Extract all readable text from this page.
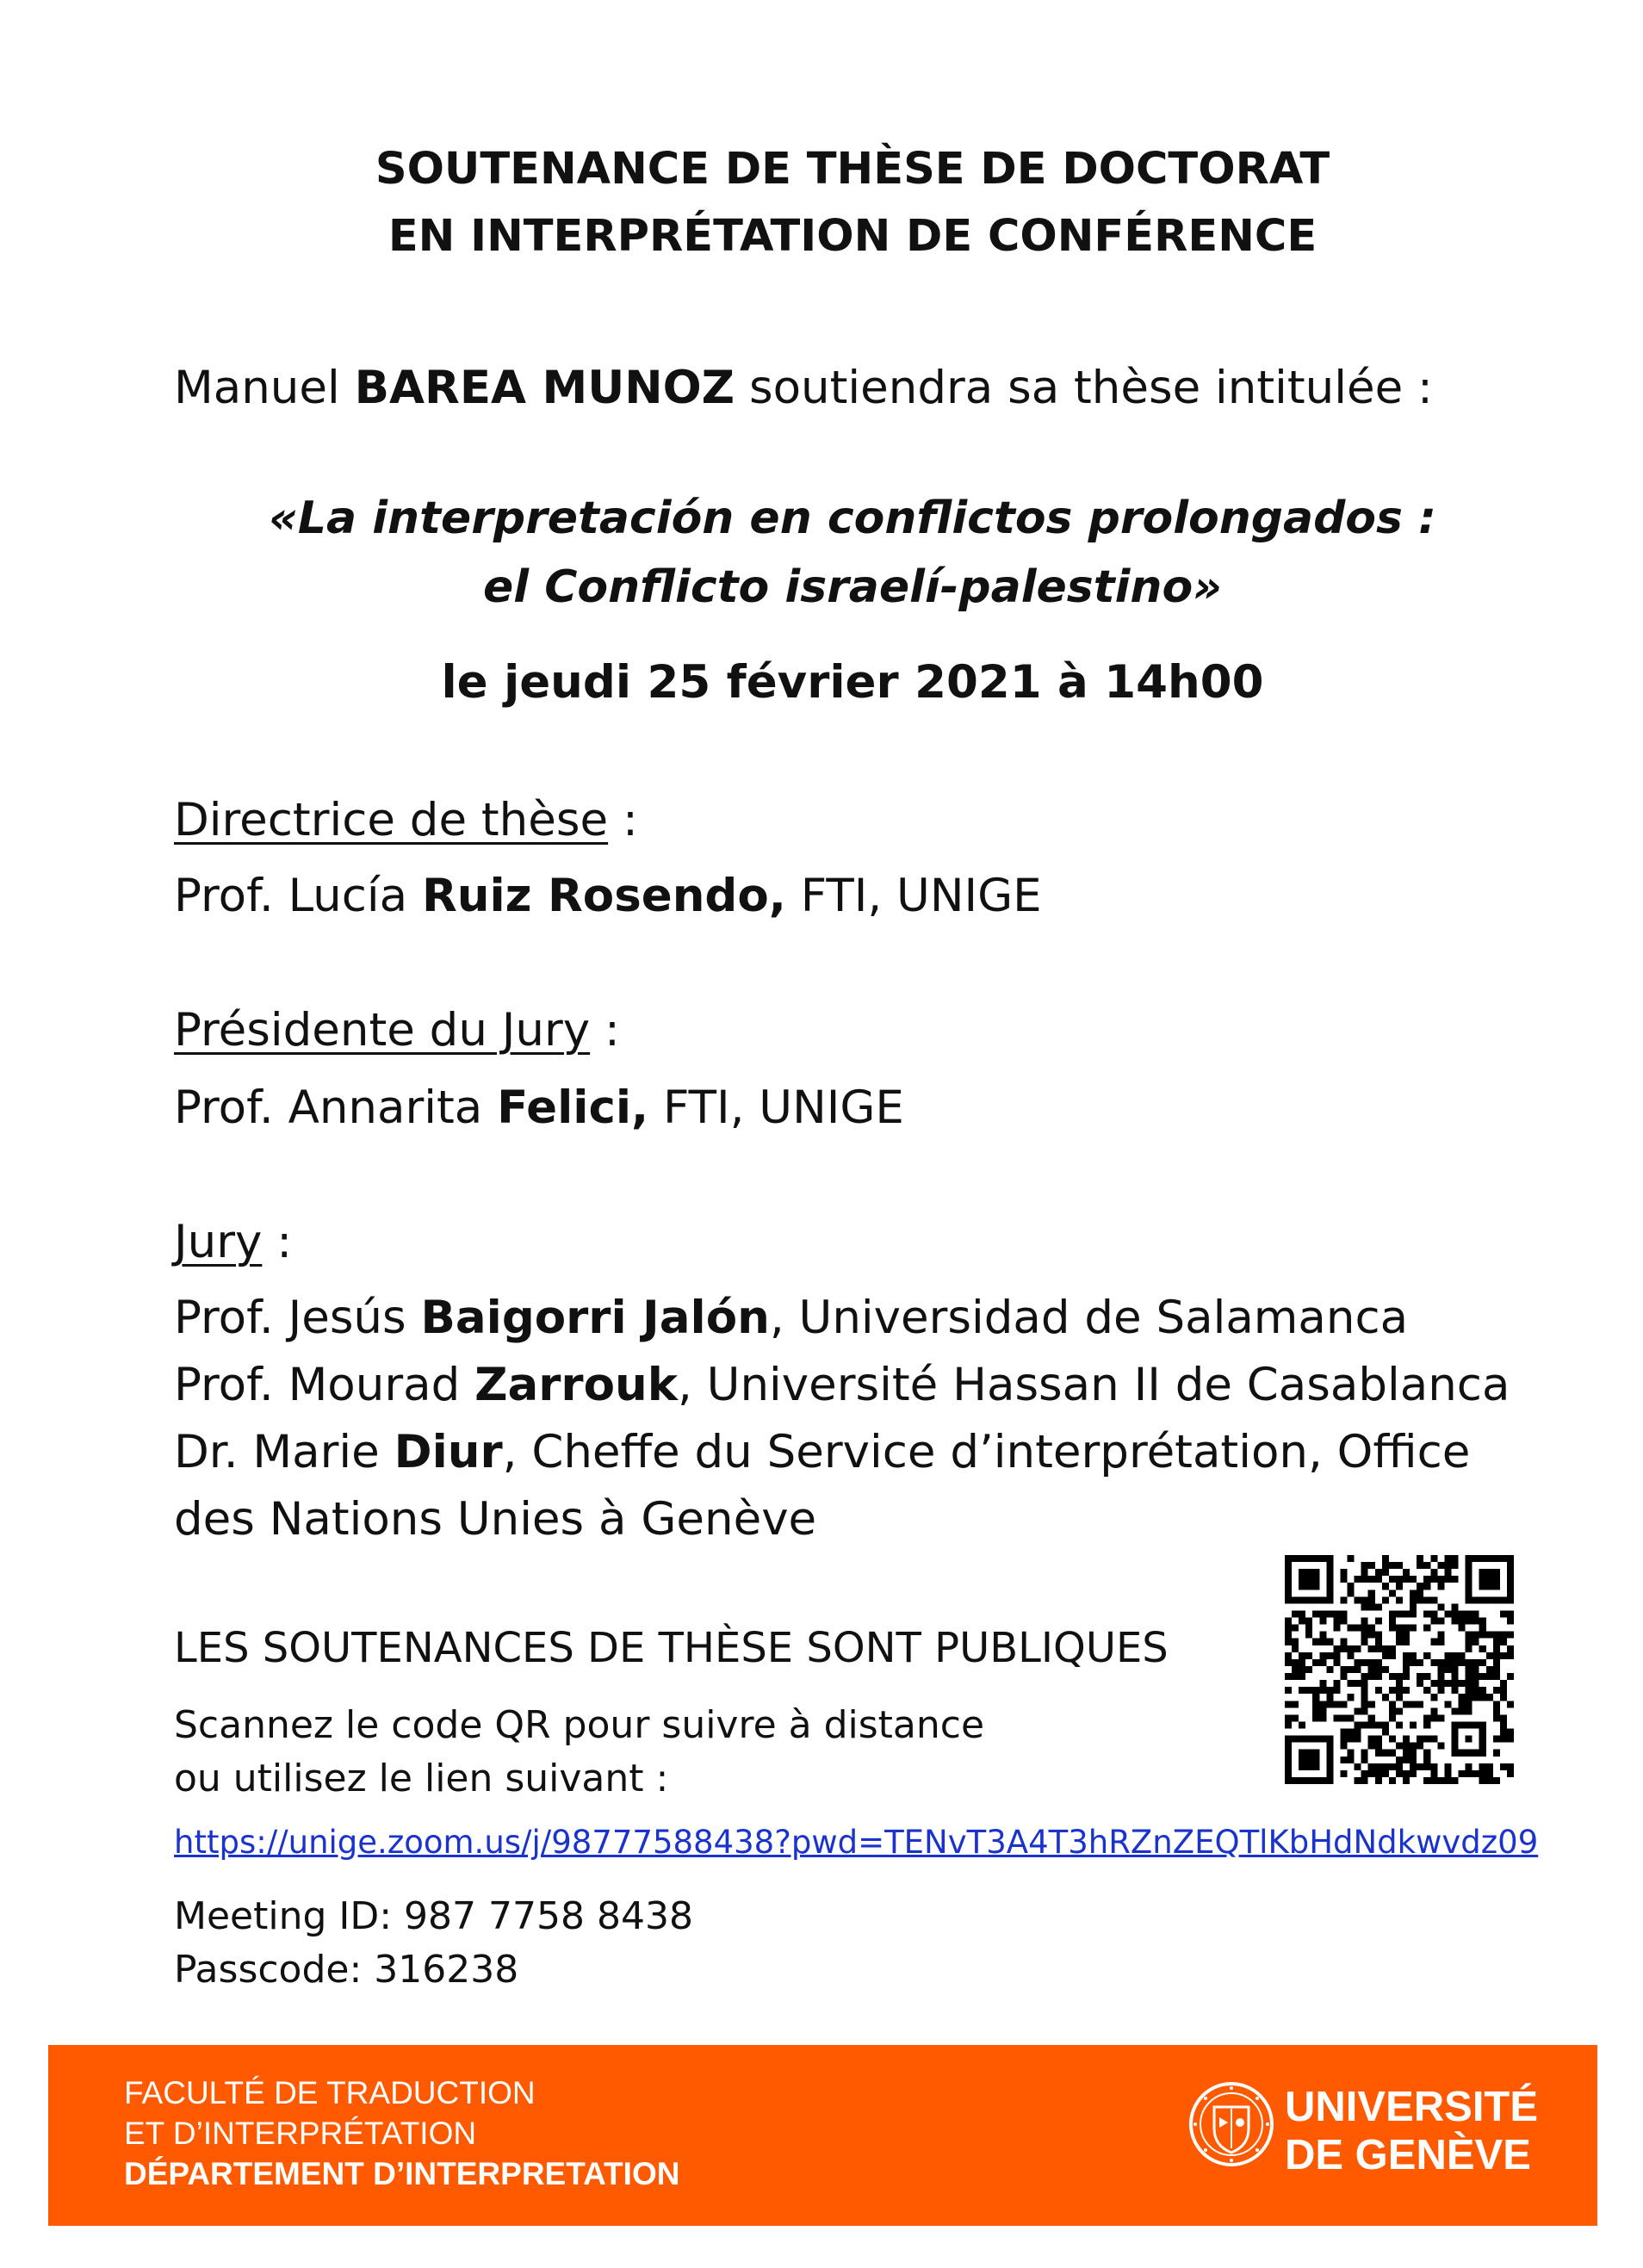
SOUTENANCE DE THÈSE DE DOCTORAT
EN INTERPRÉTATION DE CONFÉRENCE
Manuel BAREA MUNOZ soutiendra sa thèse intitulée :
«La interpretación en conflictos prolongados :
el Conflicto israelí-palestino»
le jeudi 25 février 2021 à 14h00
Directrice de thèse :
Prof. Lucía Ruiz Rosendo, FTI, UNIGE
Présidente du Jury :
Prof. Annarita Felici, FTI, UNIGE
Jury :
Prof. Jesús Baigorri Jalón, Universidad de Salamanca
Prof. Mourad Zarrouk, Université Hassan II de Casablanca
Dr. Marie Diur, Cheffe du Service d’interprétation, Office
des Nations Unies à Genève
LES SOUTENANCES DE THÈSE SONT PUBLIQUES
Scannez le code QR pour suivre à distance
ou utilisez le lien suivant :
https://unige.zoom.us/j/98777588438?pwd=TENvT3A4T3hRZnZEQTlKbHdNdkwvdz09
Meeting ID: 987 7758 8438
Passcode: 316238
FACULTÉ DE TRADUCTION
ET D’INTERPRÉTATION
DÉPARTEMENT D’INTERPRETATION
UNIVERSITÉ
DE GENÈVE
